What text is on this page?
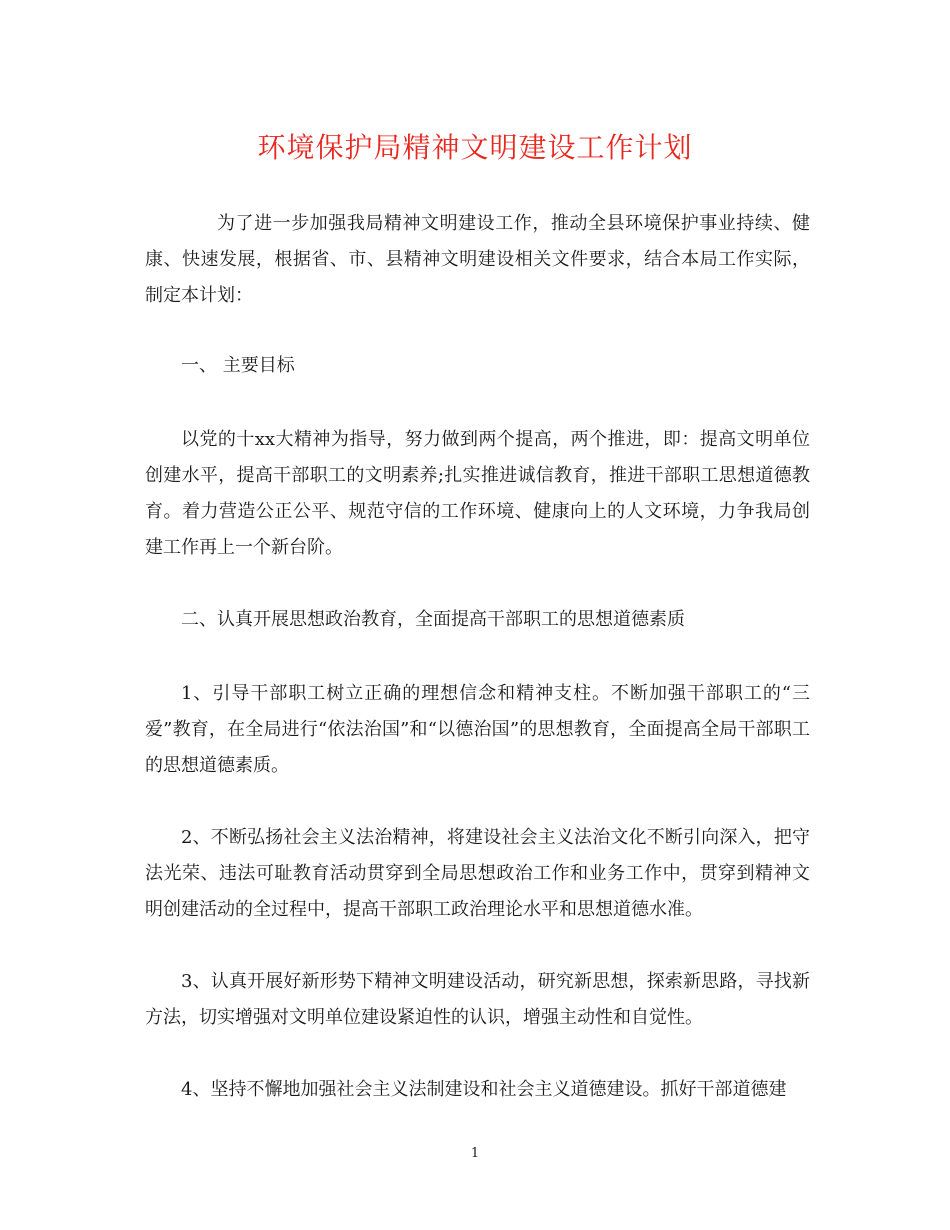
环境保护局精神文明建设工作计划

为了进一步加强我局精神文明建设工作，推动全县环境保护事业持续、健康、快速发展，根据省、市、县精神文明建设相关文件要求，结合本局工作实际，制定本计划：

一、 主要目标

以党的十xx大精神为指导，努力做到两个提高，两个推进，即：提高文明单位创建水平，提高干部职工的文明素养;扎实推进诚信教育，推进干部职工思想道德教育。着力营造公正公平、规范守信的工作环境、健康向上的人文环境，力争我局创建工作再上一个新台阶。

二、认真开展思想政治教育，全面提高干部职工的思想道德素质

1、引导干部职工树立正确的理想信念和精神支柱。不断加强干部职工的“三爱”教育，在全局进行“依法治国”和“以德治国”的思想教育，全面提高全局干部职工的思想道德素质。

2、不断弘扬社会主义法治精神，将建设社会主义法治文化不断引向深入，把守法光荣、违法可耻教育活动贯穿到全局思想政治工作和业务工作中，贯穿到精神文明创建活动的全过程中，提高干部职工政治理论水平和思想道德水准。

3、认真开展好新形势下精神文明建设活动，研究新思想，探索新思路，寻找新方法，切实增强对文明单位建设紧迫性的认识，增强主动性和自觉性。

4、坚持不懈地加强社会主义法制建设和社会主义道德建设。抓好干部道德建

1
